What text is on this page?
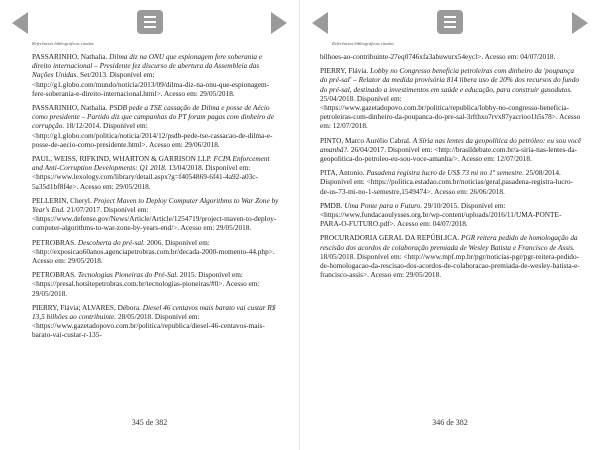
Referências bibliográficas citadas

PASSARINHO, Nathalia. Dilma diz na ONU que espionagem fere soberania e direito internacional – Presidente fez discurso de abertura da Assembleia das Nações Unidas. Set/2013. Disponível em: <http://g1.globo.com/mundo/noticia/2013/09/dilma-diz-na-onu-que-espionagem-fere-soberania-e-direito-internacional.html>. Acesso em: 29/05/2018.

PASSARINHO, Nathalia. PSDB pede a TSE cassação de Dilma e posse de Aécio como presidente – Partido diz que campanhas do PT foram pagas com dinheiro de corrupção. 18/12/2014. Disponível em: <http://g1.globo.com/politica/noticia/2014/12/psdb-pede-tse-cassacao-de-dilma-e-posse-de-aecio-como-presidente.html>. Acesso em: 29/06/2018.

PAUL, WEISS, RIFKIND, WHARTON & GARRISON LLP. FCPA Enforcement and Anti-Corruption Developments: Q1 2018. 13/04/2018. Disponível em: <https://www.lexology.com/library/detail.aspx?g=f4054869-6f41-4a92-a03c-5a35d1bf8f4e>. Acesso em: 29/05/2018.

PELLERIN, Cheryl. Project Maven to Deploy Computer Algorithms to War Zone by Year's End. 21/07/2017. Disponível em: <https://www.defense.gov/News/Article/Article/1254719/project-maven-to-deploy-computer-algorithms-to-war-zone-by-years-end/>. Acesso em: 29/05/2018.

PETROBRAS. Descoberta do pré-sal. 2006. Disponível em: <http://exposicao60anos.agenciapetrobras.com.br/decada-2000-momento-44.php>. Acesso em: 29/05/2018.

PETROBRAS. Tecnologias Pioneiras do Pré-Sal. 2015. Disponível em: <https://presal.hotsitepetrobras.com.br/tecnologias-pioneiras/#0>. Acesso em: 29/05/2018.

PIERRY, Flávia; ALVARES, Débora. Diesel 46 centavos mais barato vai custar R$ 13,5 bilhões ao contribuinte. 28/05/2018. Disponível em: <https://www.gazetadopovo.com.br/politica/republica/diesel-46-centavos-mais-barato-vai-custar-r-135-

345 de 382
Referências bibliográficas citadas

bilhoes-ao-contribuinte-27eq0746xfa3abuwurx54eycl>. Acesso em: 04/07/2018.

PIERRY, Flávia. Lobby no Congresso beneficia petroleiras com dinheiro da 'poupança do pré-sal' – Relator da medida provisória 814 libera uso de 20% dos recursos do fundo do pré-sal, destinado a investimentos em saúde e educação, para construir gasodutos. 25/04/2018. Disponível em: <https://www.gazetadopovo.com.br/politica/republica/lobby-no-congresso-beneficia-petroleiras-com-dinheiro-da-poupanca-do-pre-sal-3rfthxo7rvx87yacrioo1h5s78>. Acesso em: 12/07/2018.

PINTO, Marco Aurélio Cabral. A Síria nas lentes da geopolítica do petróleo: eu sou você amanhã?. 26/04/2017. Disponível em: <http://brasildebate.com.br/a-siria-nas-lentes-da-geopolitica-do-petroleo-eu-sou-voce-amanha/>. Acesso em: 12/07/2018.

PITA, Antonio. Pasadena registra lucro de US$ 73 mi no 1º semestre. 25/08/2014. Disponível em: <https://politica.estadao.com.br/noticias/geral,pasadena-registra-lucro-de-us-73-mi-no-1-semestre,1549474>. Acesso em: 26/06/2018.

PMDB. Uma Ponte para o Futuro. 29/10/2015. Disponível em: <https://www.fundacaoulysses.org.br/wp-content/uploads/2016/11/UMA-PONTE-PARA-O-FUTURO.pdf>. Acesso em: 04/07/2018.

PROCURADORIA GERAL DA REPÚBLICA. PGR reitera pedido de homologação da rescisão dos acordos de colaboração premiada de Wesley Batista e Francisco de Assis. 18/05/2018. Disponível em: <http://www.mpf.mp.br/pgr/noticias-pgr/pgr-reitera-pedido-de-homologacao-da-rescisao-dos-acordos-de-colaboracao-premiada-de-wesley-batista-e-francisco-assis>. Acesso em: 29/05/2018.

346 de 382
